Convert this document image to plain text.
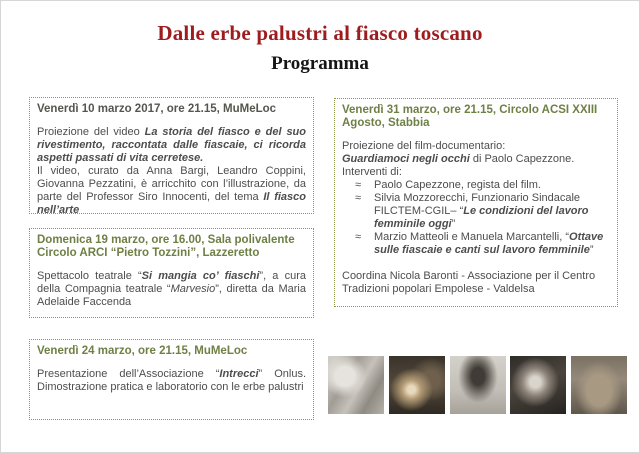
Dalle erbe palustri al fiasco toscano
Programma

Venerdì 10 marzo 2017, ore 21.15, MuMeLoc

Proiezione del video La storia del fiasco e del suo rivestimento, raccontata dalle fiascaie, ci ricorda aspetti passati di vita cerretese.

Il video, curato da Anna Bargi, Leandro Coppini, Giovanna Pezzatini, è arricchito con l’illustrazione, da parte del Professor Siro Innocenti, del tema Il fiasco nell’arte

Domenica 19 marzo, ore 16.00, Sala polivalente Circolo ARCI “Pietro Tozzini”, Lazzeretto

Spettacolo teatrale “Si mangia co’ fiaschi”, a cura della Compagnia teatrale “Marvesio”, diretta da Maria Adelaide Faccenda

Venerdì 24 marzo, ore 21.15, MuMeLoc

Presentazione dell’Associazione “Intrecci” Onlus. Dimostrazione pratica e laboratorio con le erbe palustri

Venerdì 31 marzo, ore 21.15, Circolo ACSI XXIII Agosto, Stabbia

Proiezione del film-documentario:

Guardiamoci negli occhi di Paolo Capezzone.

Interventi di:

≈ Paolo Capezzone, regista del film.
≈ Silvia Mozzorecchi, Funzionario Sindacale FILCTEM-CGIL– “Le condizioni del lavoro femminile oggi”
≈ Marzio Matteoli e Manuela Marcantelli, “Ottave sulle fiascaie e canti sul lavoro femminile”

Coordina Nicola Baronti - Associazione per il Centro Tradizioni popolari Empolese - Valdelsa
